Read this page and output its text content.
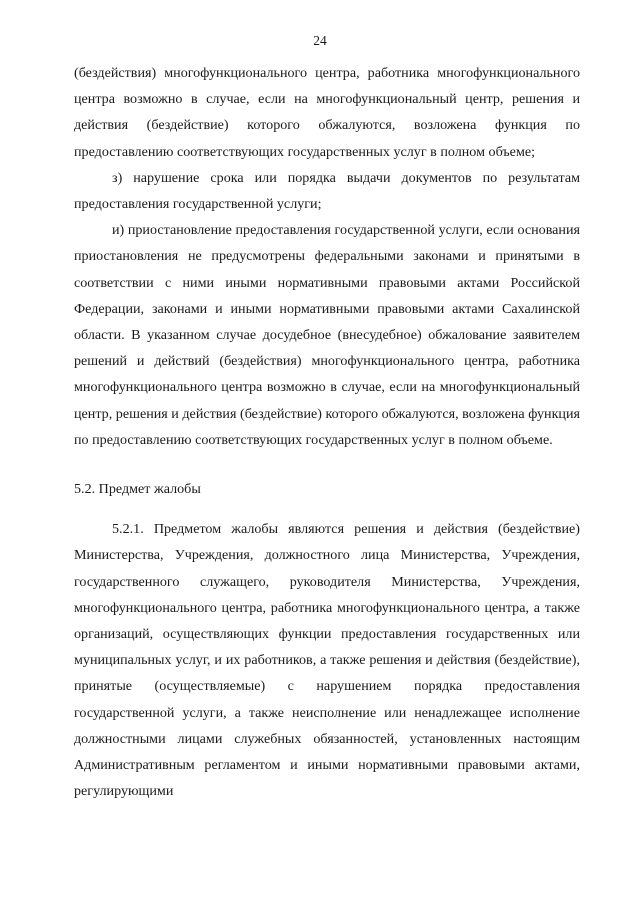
24

(бездействия) многофункционального центра, работника многофункционального центра возможно в случае, если на многофункциональный центр, решения и действия (бездействие) которого обжалуются, возложена функция по предоставлению соответствующих государственных услуг в полном объеме;

з) нарушение срока или порядка выдачи документов по результатам предоставления государственной услуги;

и) приостановление предоставления государственной услуги, если основания приостановления не предусмотрены федеральными законами и принятыми в соответствии с ними иными нормативными правовыми актами Российской Федерации, законами и иными нормативными правовыми актами Сахалинской области. В указанном случае досудебное (внесудебное) обжалование заявителем решений и действий (бездействия) многофункционального центра, работника многофункционального центра возможно в случае, если на многофункциональный центр, решения и действия (бездействие) которого обжалуются, возложена функция по предоставлению соответствующих государственных услуг в полном объеме.

5.2. Предмет жалобы

5.2.1. Предметом жалобы являются решения и действия (бездействие) Министерства, Учреждения, должностного лица Министерства, Учреждения, государственного служащего, руководителя Министерства, Учреждения, многофункционального центра, работника многофункционального центра, а также организаций, осуществляющих функции предоставления государственных или муниципальных услуг, и их работников, а также решения и действия (бездействие), принятые (осуществляемые) с нарушением порядка предоставления государственной услуги, а также неисполнение или ненадлежащее исполнение должностными лицами служебных обязанностей, установленных настоящим Административным регламентом и иными нормативными правовыми актами, регулирующими
